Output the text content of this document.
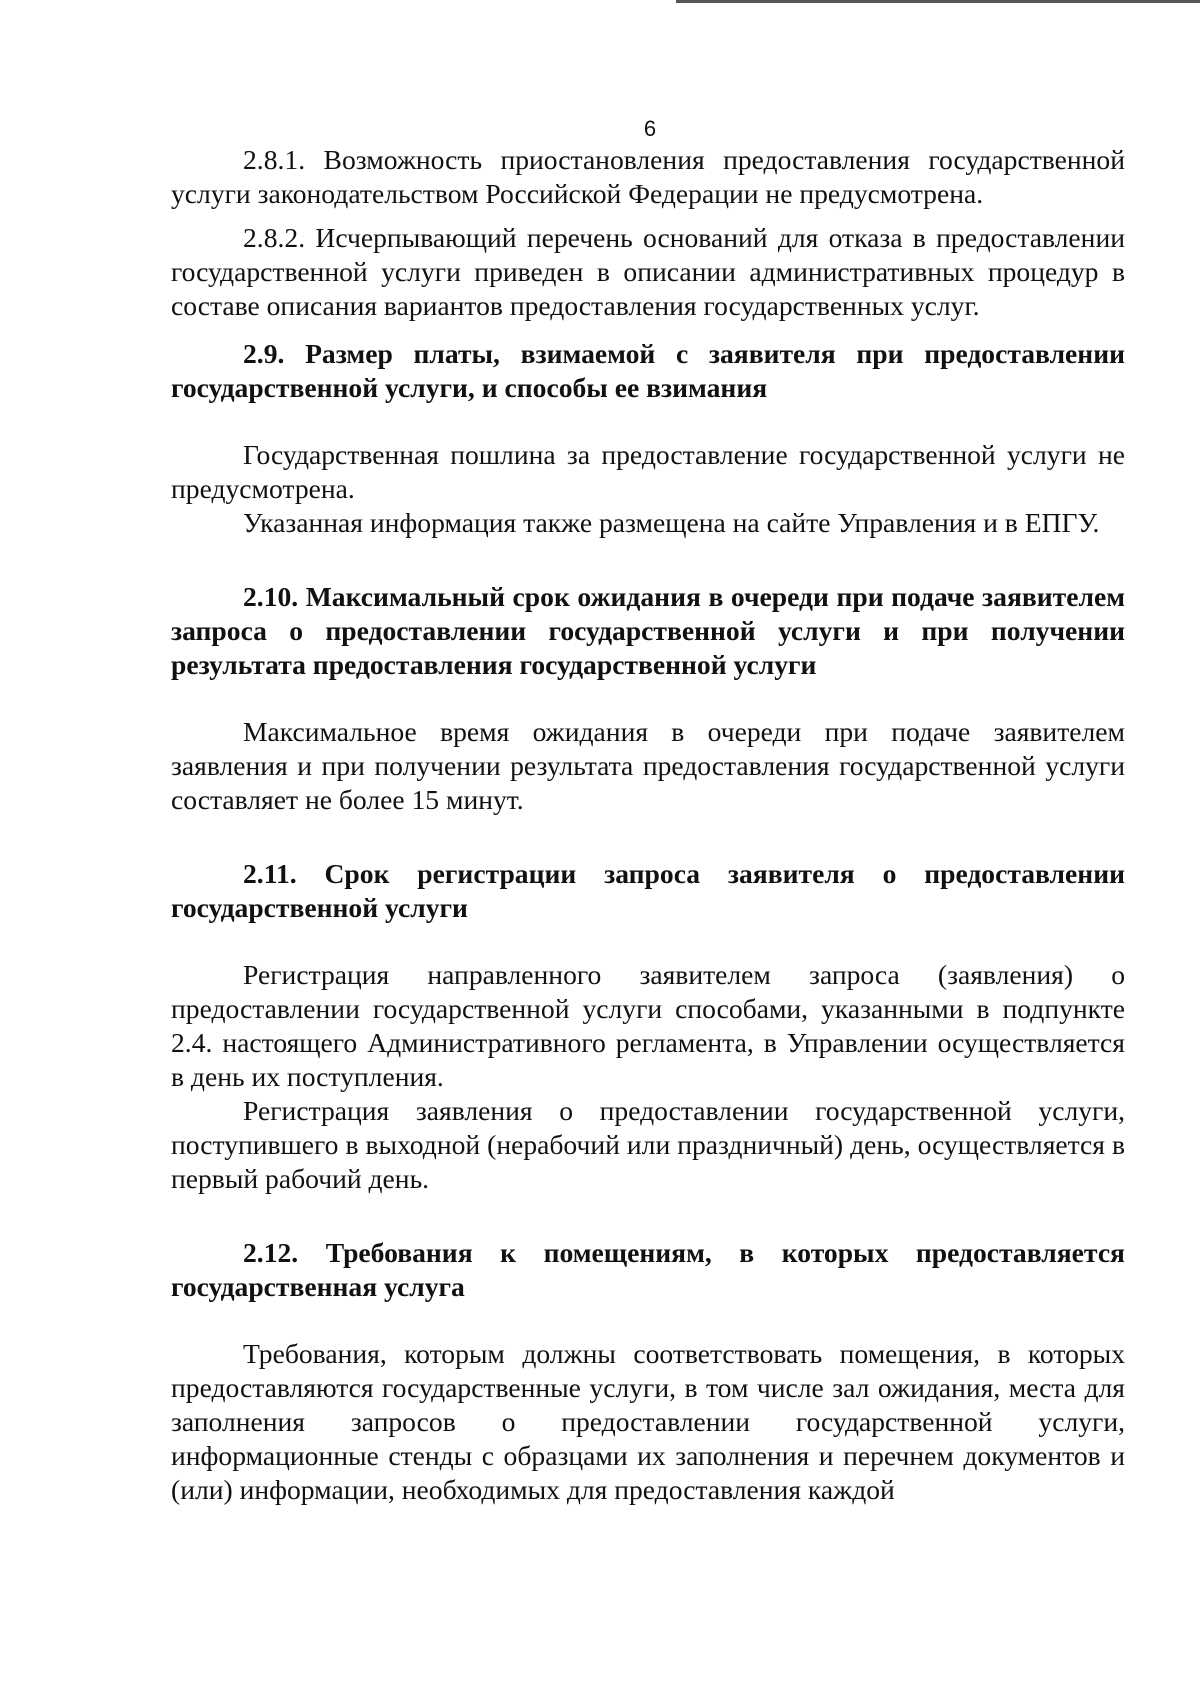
6

2.8.1. Возможность приостановления предоставления государственной услуги законодательством Российской Федерации не предусмотрена.

2.8.2. Исчерпывающий перечень оснований для отказа в предоставлении государственной услуги приведен в описании административных процедур в составе описания вариантов предоставления государственных услуг.

2.9. Размер платы, взимаемой с заявителя при предоставлении государственной услуги, и способы ее взимания

Государственная пошлина за предоставление государственной услуги не предусмотрена.

Указанная информация также размещена на сайте Управления и в ЕПГУ.

2.10. Максимальный срок ожидания в очереди при подаче заявителем запроса о предоставлении государственной услуги и при получении результата предоставления государственной услуги

Максимальное время ожидания в очереди при подаче заявителем заявления и при получении результата предоставления государственной услуги составляет не более 15 минут.

2.11. Срок регистрации запроса заявителя о предоставлении государственной услуги

Регистрация направленного заявителем запроса (заявления) о предоставлении государственной услуги способами, указанными в подпункте 2.4. настоящего Административного регламента, в Управлении осуществляется в день их поступления.

Регистрация заявления о предоставлении государственной услуги, поступившего в выходной (нерабочий или праздничный) день, осуществляется в первый рабочий день.

2.12. Требования к помещениям, в которых предоставляется государственная услуга

Требования, которым должны соответствовать помещения, в которых предоставляются государственные услуги, в том числе зал ожидания, места для заполнения запросов о предоставлении государственной услуги, информационные стенды с образцами их заполнения и перечнем документов и (или) информации, необходимых для предоставления каждой
